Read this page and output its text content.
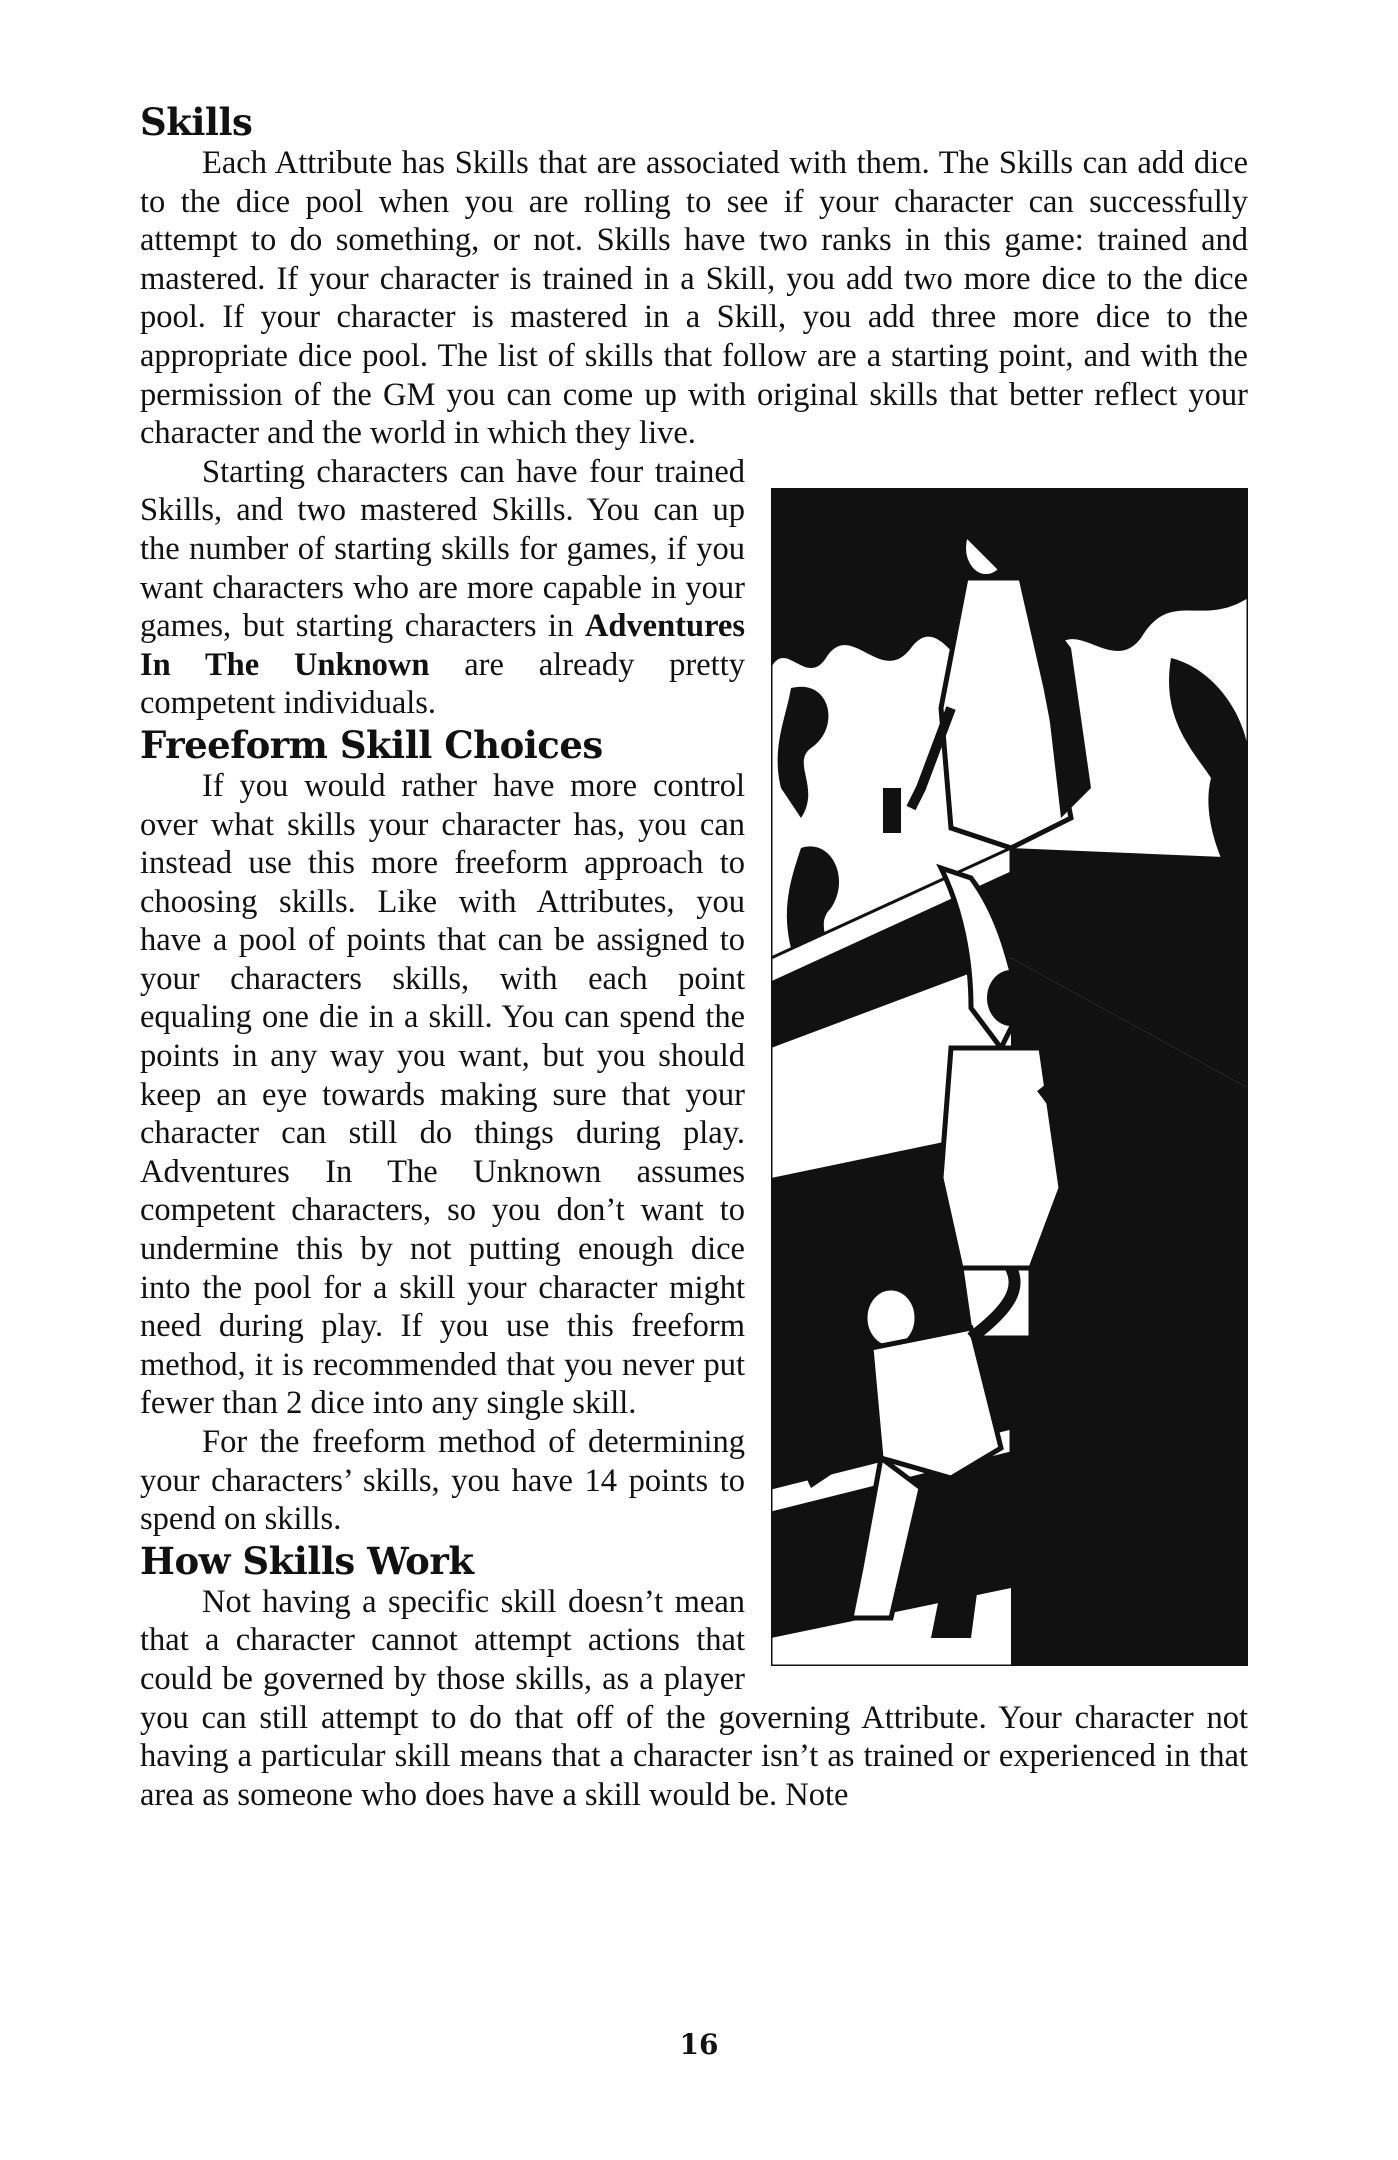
Skills

Each Attribute has Skills that are associated with them. The Skills can add dice to the dice pool when you are rolling to see if your character can successfully attempt to do something, or not. Skills have two ranks in this game: trained and mastered. If your character is trained in a Skill, you add two more dice to the dice pool. If your character is mastered in a Skill, you add three more dice to the appropriate dice pool. The list of skills that follow are a starting point, and with the permission of the GM you can come up with original skills that better reflect your character and the world in which they live.

Starting characters can have four trained Skills, and two mastered Skills. You can up the number of starting skills for games, if you want characters who are more capable in your games, but starting characters in Adventures In The Unknown are already pretty competent individuals.

Freeform Skill Choices

If you would rather have more control over what skills your character has, you can instead use this more freeform approach to choosing skills. Like with Attributes, you have a pool of points that can be assigned to your characters skills, with each point equaling one die in a skill. You can spend the points in any way you want, but you should keep an eye towards making sure that your character can still do things during play. Adventures In The Unknown assumes competent characters, so you don’t want to undermine this by not putting enough dice into the pool for a skill your character might need during play. If you use this freeform method, it is recommended that you never put fewer than 2 dice into any single skill.

For the freeform method of determining your characters’ skills, you have 14 points to spend on skills.

How Skills Work

Not having a specific skill doesn’t mean that a character cannot attempt actions that could be governed by those skills, as a player you can still attempt to do that off of the governing Attribute. Your character not having a particular skill means that a character isn’t as trained or experienced in that area as someone who does have a skill would be. Note

16
